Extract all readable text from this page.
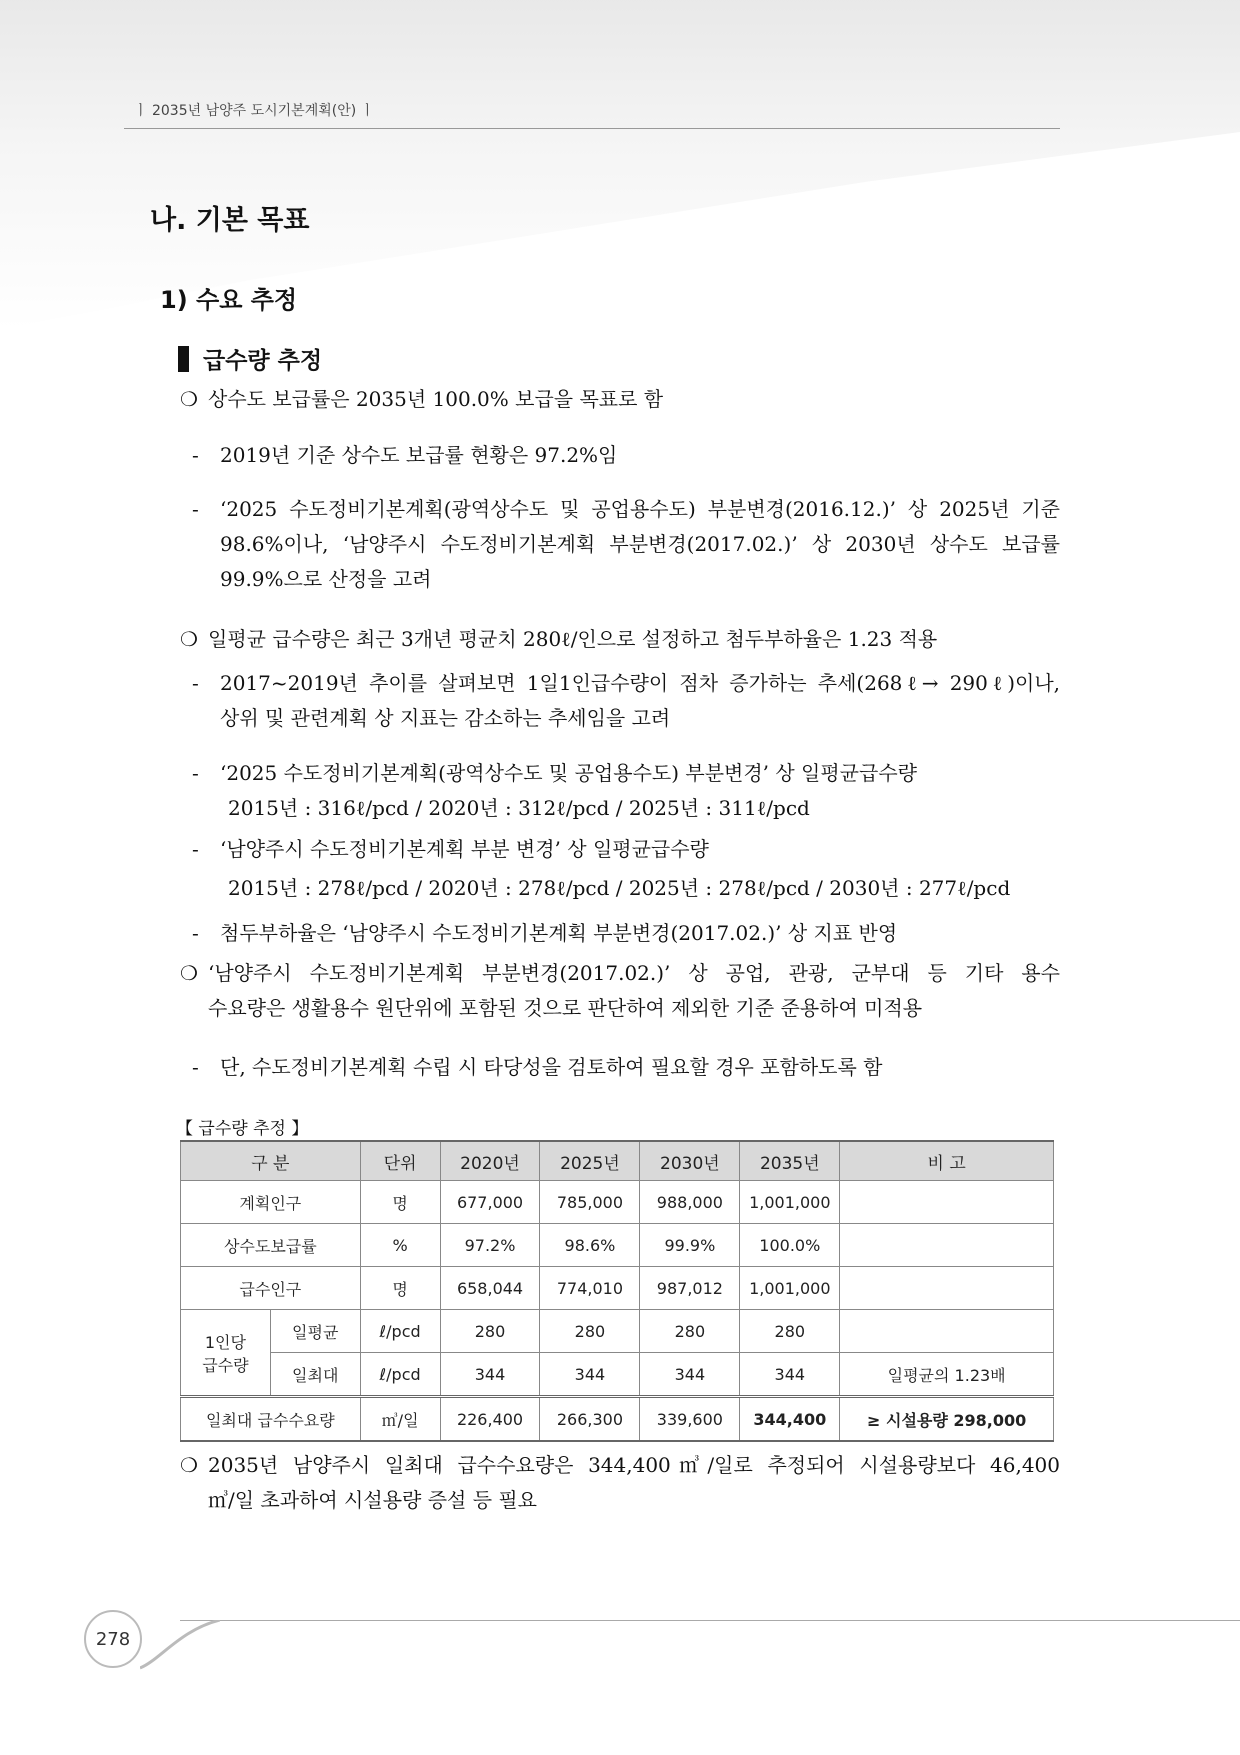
ㅣ 2035년 남양주 도시기본계획(안) ㅣ
나. 기본 목표
1) 수요 추정
급수량 추정
❍ 상수도 보급률은 2035년 100.0% 보급을 목표로 함
- 2019년 기준 상수도 보급률 현황은 97.2%임
-	‘2025 수도정비기본계획(광역상수도 및 공업용수도) 부분변경(2016.12.)’ 상 2025년 기준
98.6%이나, ‘남양주시 수도정비기본계획 부분변경(2017.02.)’ 상 2030년 상수도 보급률
99.9%으로 산정을 고려
❍ 일평균 급수량은 최근 3개년 평균치 280ℓ/인으로 설정하고 첨두부하율은 1.23 적용
-	2017~2019년 추이를 살펴보면 1일1인급수량이 점차 증가하는 추세(268ℓ→ 290ℓ)이나,
상위 및 관련계획 상 지표는 감소하는 추세임을 고려
-	‘2025 수도정비기본계획(광역상수도 및 공업용수도) 부분변경’ 상 일평균급수량
2015년 : 316ℓ/pcd / 2020년 : 312ℓ/pcd / 2025년 : 311ℓ/pcd
-	‘남양주시 수도정비기본계획 부분 변경’ 상 일평균급수량
2015년 : 278ℓ/pcd / 2020년 : 278ℓ/pcd / 2025년 : 278ℓ/pcd / 2030년 : 277ℓ/pcd
- 첨두부하율은 ‘남양주시 수도정비기본계획 부분변경(2017.02.)’ 상 지표 반영
❍ ‘남양주시 수도정비기본계획 부분변경(2017.02.)’ 상 공업, 관광, 군부대 등 기타 용수
수요량은 생활용수 원단위에 포함된 것으로 판단하여 제외한 기준 준용하여 미적용
- 단, 수도정비기본계획 수립 시 타당성을 검토하여 필요할 경우 포함하도록 함
【 급수량 추정 】
구 분		단위	2020년	2025년	2030년	2035년	비 고
계획인구		명	677,000	785,000	988,000	1,001,000	
상수도보급률		%	97.2%	98.6%	99.9%	100.0%	
급수인구		명	658,044	774,010	987,012	1,001,000	

1인당
급수량	일평균	ℓ/pcd	280	280	280	280	
	일최대	ℓ/pcd	344	344	344	344	일평균의 1.23배
일최대 급수수요량		㎥/일	226,400	266,300	339,600	344,400	≥ 시설용량 298,000
❍ 2035년 남양주시 일최대 급수수요량은 344,400㎥/일로 추정되어 시설용량보다 46,400
㎥/일 초과하여 시설용량 증설 등 필요
278
